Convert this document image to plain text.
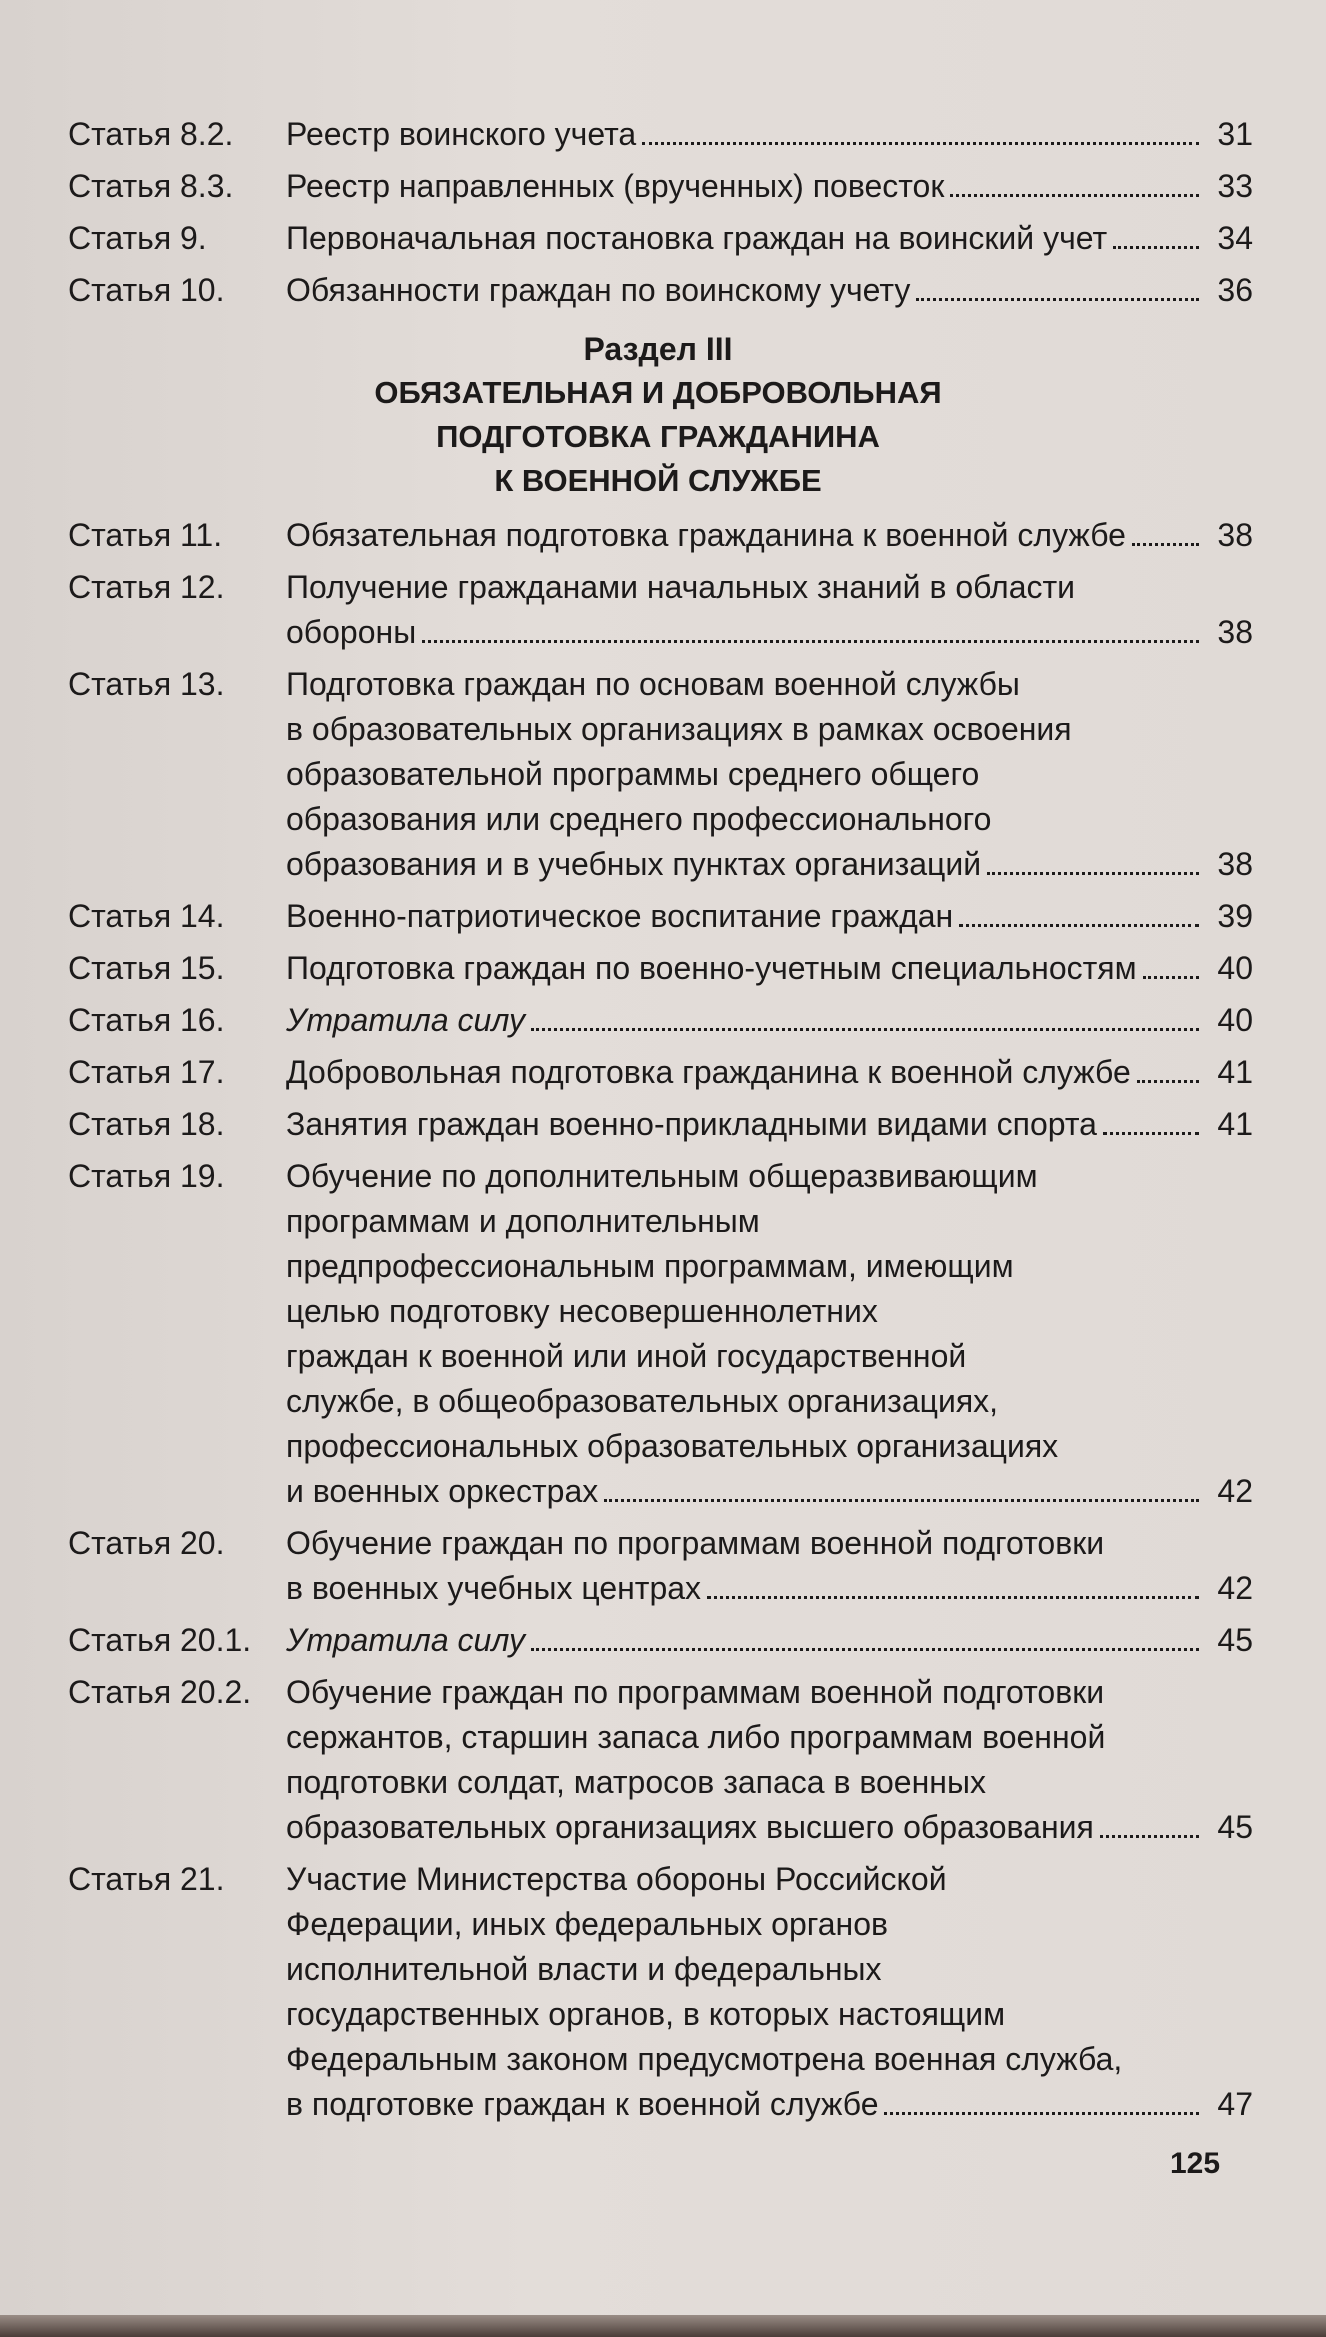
Статья 8.2.	Реестр воинского учета	31
Статья 8.3.	Реестр направленных (врученных) повесток	33
Статья 9.	Первоначальная постановка граждан на воинский учет	34
Статья 10.	Обязанности граждан по воинскому учету	36
Раздел III
ОБЯЗАТЕЛЬНАЯ И ДОБРОВОЛЬНАЯ ПОДГОТОВКА ГРАЖДАНИНА
К ВОЕННОЙ СЛУЖБЕ
Статья 11.	Обязательная подготовка гражданина к военной службе	38
Статья 12.	Получение гражданами начальных знаний в области
обороны	38
Статья 13.	Подготовка граждан по основам военной службы
в образовательных организациях в рамках освоения
образовательной программы среднего общего
образования или среднего профессионального
образования и в учебных пунктах организаций	38
Статья 14.	Военно-патриотическое воспитание граждан	39
Статья 15.	Подготовка граждан по военно-учетным специальностям	40
Статья 16.	Утратила силу	40
Статья 17.	Добровольная подготовка гражданина к военной службе	41
Статья 18.	Занятия граждан военно-прикладными видами спорта	41
Статья 19.	Обучение по дополнительным общеразвивающим
программам и дополнительным
предпрофессиональным программам, имеющим
целью подготовку несовершеннолетних
граждан к военной или иной государственной
службе, в общеобразовательных организациях,
профессиональных образовательных организациях
и военных оркестрах	42
Статья 20.	Обучение граждан по программам военной подготовки
в военных учебных центрах	42
Статья 20.1.	Утратила силу	45
Статья 20.2.	Обучение граждан по программам военной подготовки
сержантов, старшин запаса либо программам военной
подготовки солдат, матросов запаса в военных
образовательных организациях высшего образования	45
Статья 21.	Участие Министерства обороны Российской
Федерации, иных федеральных органов
исполнительной власти и федеральных
государственных органов, в которых настоящим
Федеральным законом предусмотрена военная служба,
в подготовке граждан к военной службе	47
125
